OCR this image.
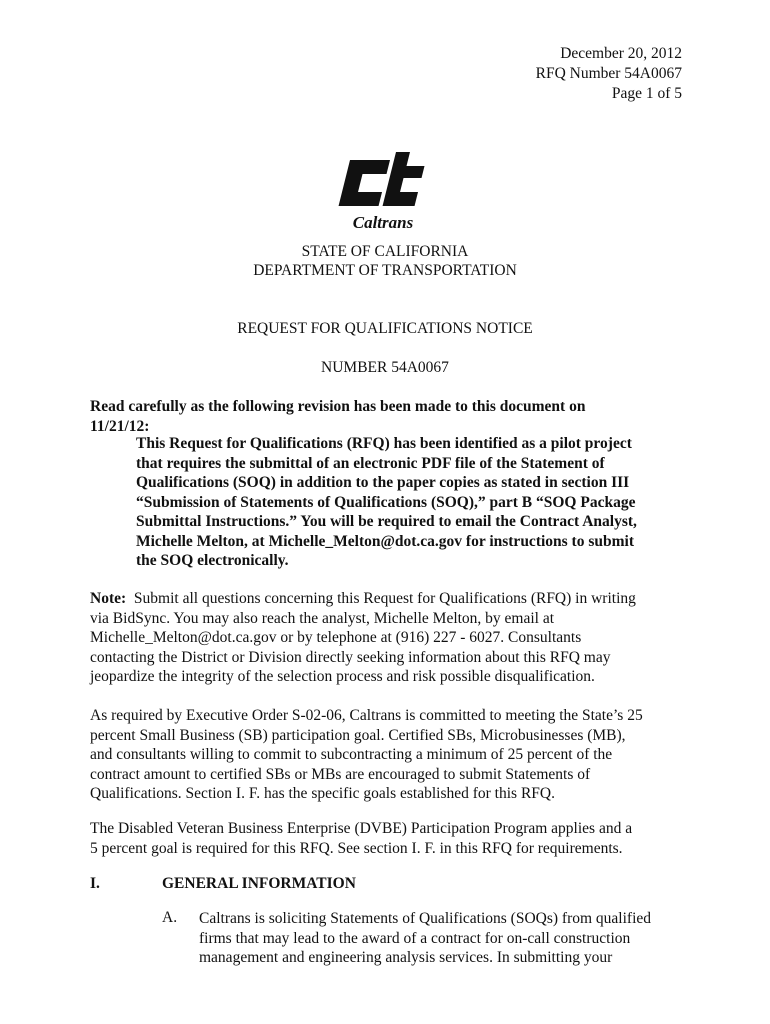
December 20, 2012
RFQ Number 54A0067
Page 1 of 5
Caltrans
STATE OF CALIFORNIA
DEPARTMENT OF TRANSPORTATION
REQUEST FOR QUALIFICATIONS NOTICE
NUMBER 54A0067
Read carefully as the following revision has been made to this document on
11/21/12:
This Request for Qualifications (RFQ) has been identified as a pilot project
that requires the submittal of an electronic PDF file of the Statement of
Qualifications (SOQ) in addition to the paper copies as stated in section III
“Submission of Statements of Qualifications (SOQ),” part B “SOQ Package
Submittal Instructions.” You will be required to email the Contract Analyst,
Michelle Melton, at Michelle_Melton@dot.ca.gov for instructions to submit
the SOQ electronically.
Note:  Submit all questions concerning this Request for Qualifications (RFQ) in writing
via BidSync. You may also reach the analyst, Michelle Melton, by email at
Michelle_Melton@dot.ca.gov or by telephone at (916) 227 - 6027. Consultants
contacting the District or Division directly seeking information about this RFQ may
jeopardize the integrity of the selection process and risk possible disqualification.
As required by Executive Order S-02-06, Caltrans is committed to meeting the State’s 25
percent Small Business (SB) participation goal. Certified SBs, Microbusinesses (MB),
and consultants willing to commit to subcontracting a minimum of 25 percent of the
contract amount to certified SBs or MBs are encouraged to submit Statements of
Qualifications. Section I. F. has the specific goals established for this RFQ.
The Disabled Veteran Business Enterprise (DVBE) Participation Program applies and a
5 percent goal is required for this RFQ. See section I. F. in this RFQ for requirements.
I.	GENERAL INFORMATION
A. Caltrans is soliciting Statements of Qualifications (SOQs) from qualified
firms that may lead to the award of a contract for on-call construction
management and engineering analysis services. In submitting your
